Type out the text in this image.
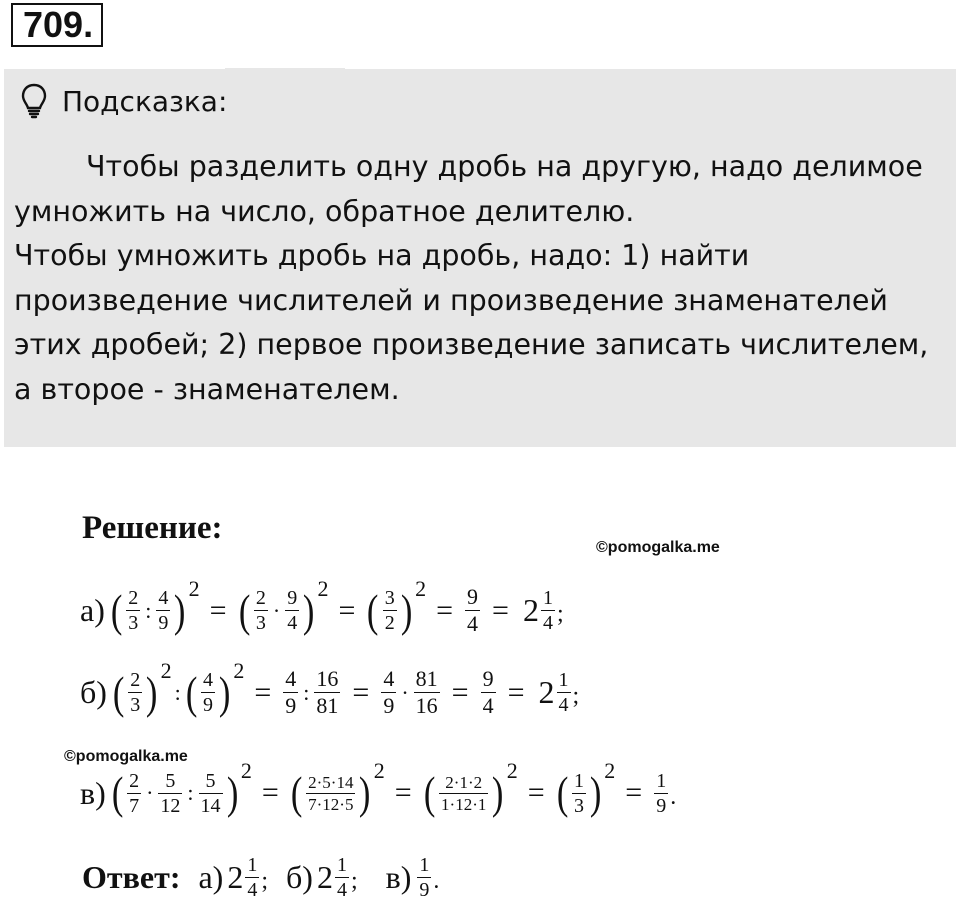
709.
Подсказка:

Чтобы разделить одну дробь на другую, надо делимое

умножить на число, обратное делителю.

Чтобы умножить дробь на дробь, надо: 1) найти

произведение числителей и произведение знаменателей

этих дробей; 2) первое произведение записать числителем,

а второе - знаменателем.

Решение:
©pomogalka.me
©pomogalka.me
а) ( $\frac{2}{3}$ : $\frac{4}{9}$ ) 2
= ( $\frac{2}{3} \cdot \frac{9}{4}$ ) 2
= ( $\frac{3}{2}$ ) 2
= $\frac{9}{4} = 2 \frac{1}{4}$ ;
б) ( $\frac{2}{3}$ ) 2
: ( $\frac{4}{9}$ ) 2
= $\frac{4}{9}$ : $\frac{16}{81} = \frac{4}{9} \cdot \frac{81}{16} = \frac{9}{4} = 2 \frac{1}{4}$ ;
в) ( $\frac{2}{7} \cdot \frac{5}{12}$ : $\frac{5}{14}$ ) 2
= ( $\frac{2\cdot 5\cdot 14}{7\cdot 12\cdot 5}$ ) 2
= ( $\frac{2\cdot 1\cdot 2}{1\cdot 12\cdot 1}$ ) 2
= ( $\frac{1}{3}$ ) 2
= $\frac{1}{9}$ .
Ответ: а) $2 \frac{1}{4}$ ; б) $2 \frac{1}{4}$ ; $в) \frac{1}{9}$ .
